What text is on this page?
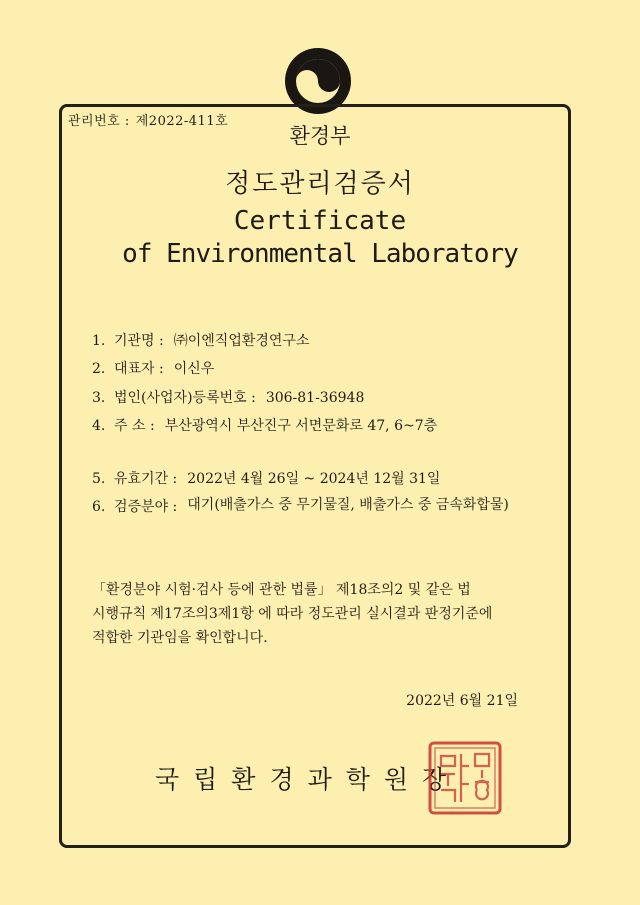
관리번호 : 제2022-411호
환경부
정도관리검증서
Certificate
of Environmental Laboratory
1. 기관명 : ㈜이엔직업환경연구소
2. 대표자 : 이신우
3. 법인(사업자)등록번호 : 306-81-36948
4. 주 소 : 부산광역시 부산진구 서면문화로 47, 6~7층
5. 유효기간 : 2022년 4월 26일 ~ 2024년 12월 31일
6. 검증분야 : 대기(배출가스 중 무기물질, 배출가스 중 금속화합물)
「환경분야 시험·검사 등에 관한 법률」 제18조의2 및 같은 법
시행규칙 제17조의3제1항 에 따라 정도관리 실시결과 판정기준에
적합한 기관임을 확인합니다.
2022년 6월 21일
국립환경과학원장
